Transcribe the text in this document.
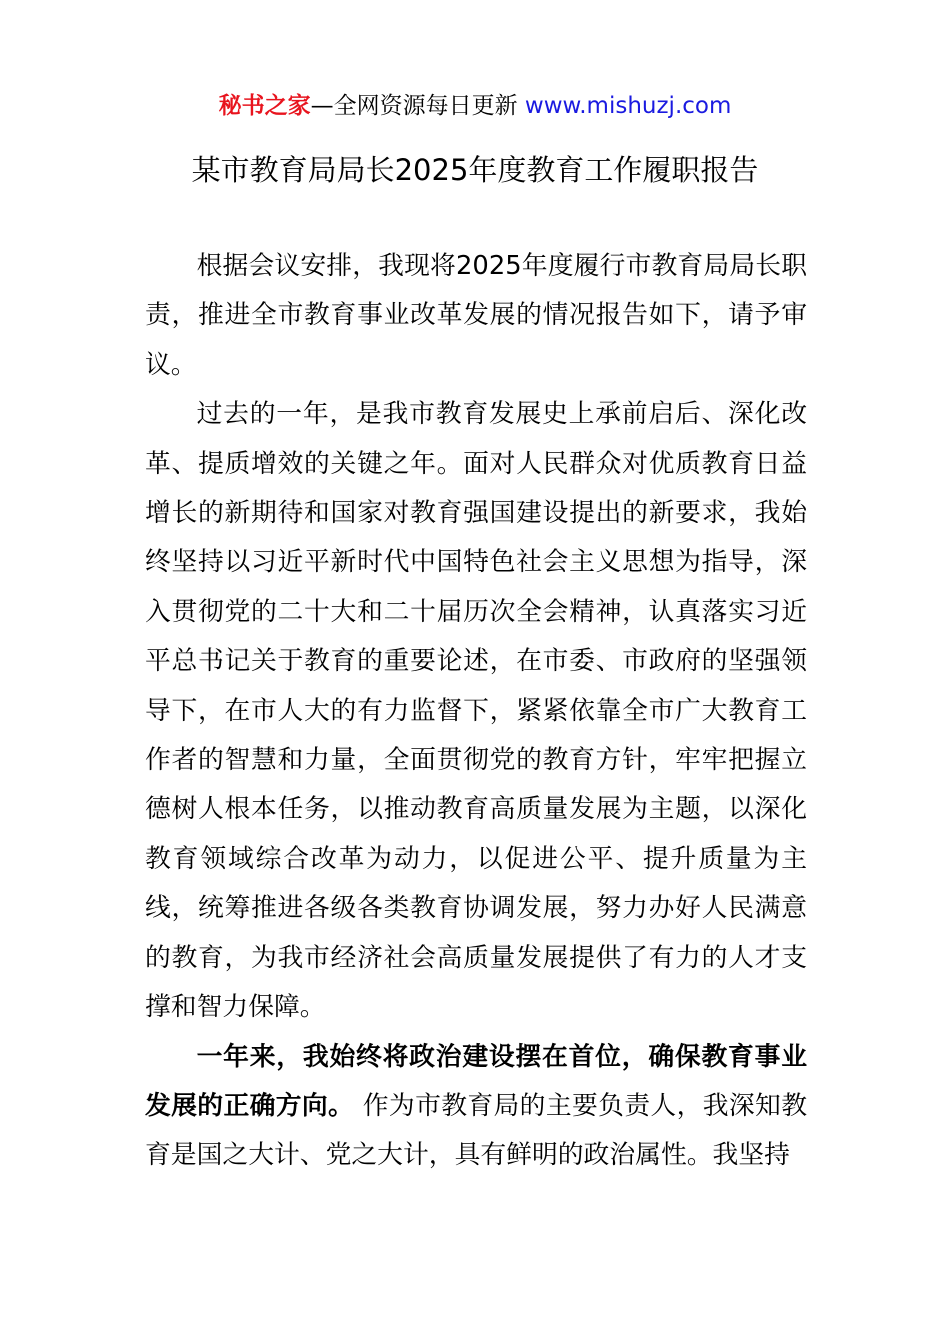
秘书之家—全网资源每日更新 www.mishuzj.com
某市教育局局长2025年度教育工作履职报告

根据会议安排，我现将2025年度履行市教育局局长职责，推进全市教育事业改革发展的情况报告如下，请予审议。

过去的一年，是我市教育发展史上承前启后、深化改革、提质增效的关键之年。面对人民群众对优质教育日益增长的新期待和国家对教育强国建设提出的新要求，我始终坚持以习近平新时代中国特色社会主义思想为指导，深入贯彻党的二十大和二十届历次全会精神，认真落实习近平总书记关于教育的重要论述，在市委、市政府的坚强领导下，在市人大的有力监督下，紧紧依靠全市广大教育工作者的智慧和力量，全面贯彻党的教育方针，牢牢把握立德树人根本任务，以推动教育高质量发展为主题，以深化教育领域综合改革为动力，以促进公平、提升质量为主线，统筹推进各级各类教育协调发展，努力办好人民满意的教育，为我市经济社会高质量发展提供了有力的人才支撑和智力保障。

一年来，我始终将政治建设摆在首位，确保教育事业发展的正确方向。 作为市教育局的主要负责人，我深知教育是国之大计、党之大计，具有鲜明的政治属性。我坚持
